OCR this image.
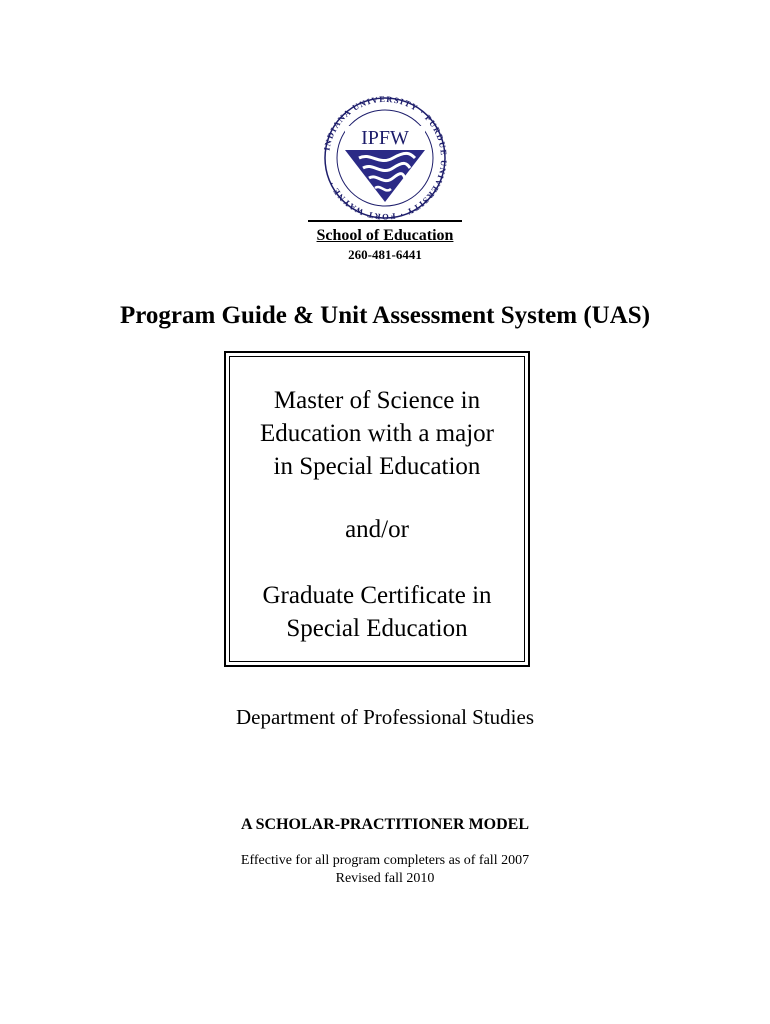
INDIANA UNIVERSITY · PURDUE UNIVERSITY · FORT WAYNE ·
IPFW
School of Education
260-481-6441
Program Guide & Unit Assessment System (UAS)
Master of Science in
Education with a major
in Special Education
and/or
Graduate Certificate in
Special Education
Department of Professional Studies
A SCHOLAR-PRACTITIONER MODEL
Effective for all program completers as of fall 2007
Revised fall 2010
